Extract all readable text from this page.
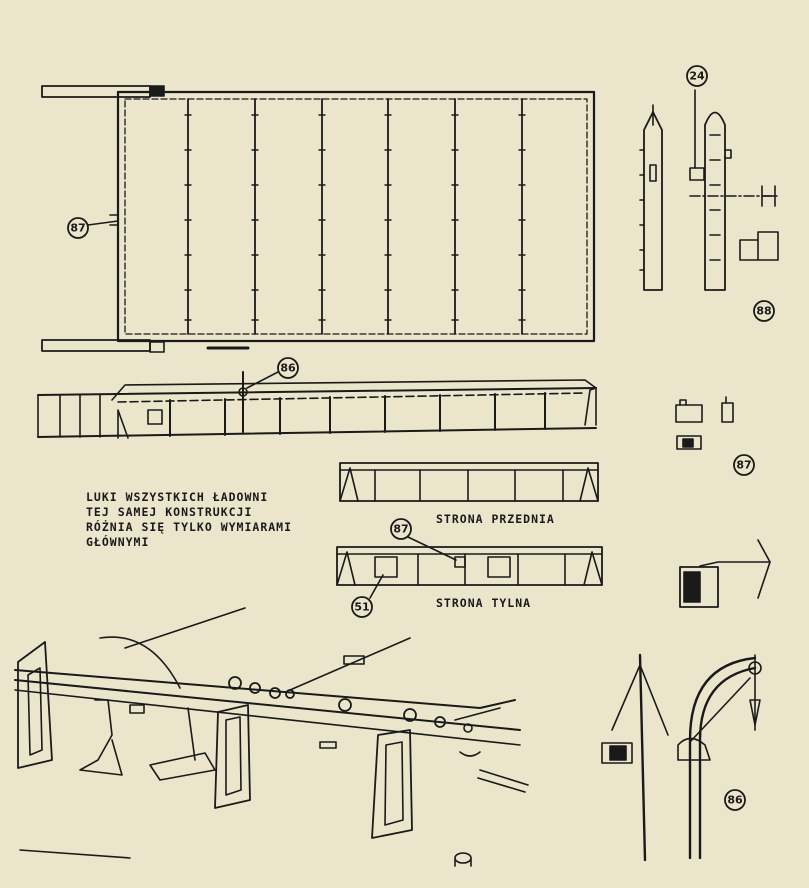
87
24
88
86
87
87
51
86
LUKI WSZYSTKICH ŁADOWNI
TEJ SAMEJ KONSTRUKCJI
RÓŻNIA SIĘ TYLKO WYMIARAMI
GŁÓWNYMI
STRONA PRZEDNIA
STRONA TYLNA
